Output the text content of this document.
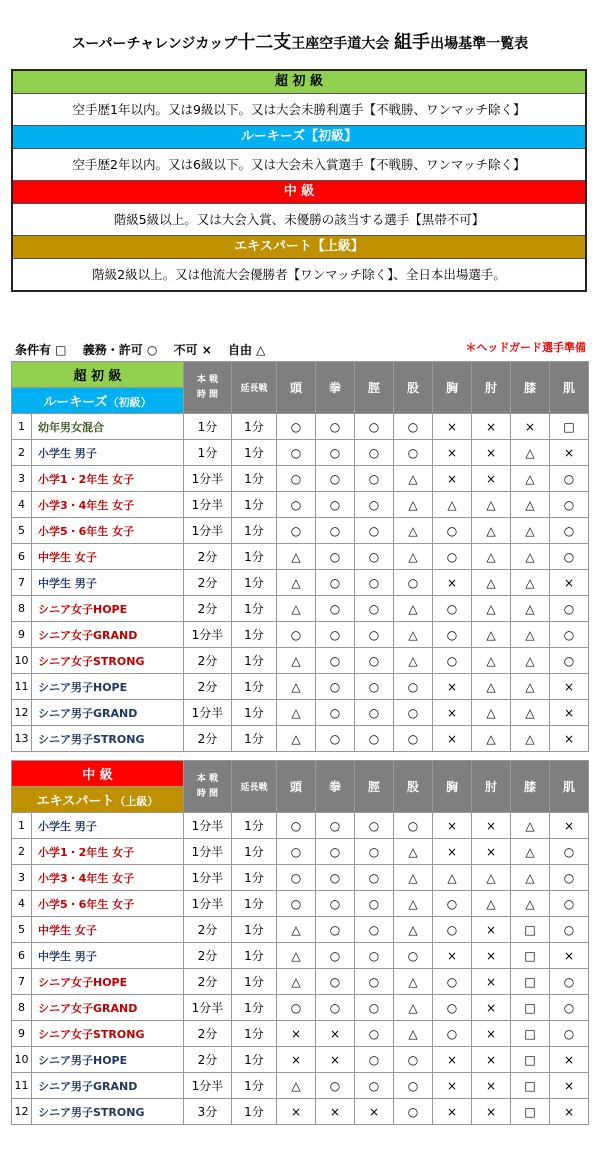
スーパーチャレンジカップ十二支王座空手道大会 組手出場基準一覧表
超 初 級
空手歴1年以内。又は9級以下。又は大会未勝利選手【不戦勝、ワンマッチ除く】
ルーキーズ【初級】
空手歴2年以内。又は6級以下。又は大会未入賞選手【不戦勝、ワンマッチ除く】
中 級
階級5級以上。又は大会入賞、未優勝の該当する選手【黒帯不可】
エキスパート【上級】
階級2級以上。又は他流大会優勝者【ワンマッチ除く】、全日本出場選手。
条件有 □ 義務・許可 ○ 不可 × 自由 △	＊ヘッドガード選手準備
超 初 級		本 戦
時 間	延長戦	頭	拳	脛	股	胸	肘	膝	肌
ルーキーズ（初級）											
1	幼年男女混合	1分	1分	○	○	○	○	×	×	×	□
2	小学生 男子	1分	1分	○	○	○	○	×	×	△	×
3	小学1・2年生 女子	1分半	1分	○	○	○	△	×	×	△	○
4	小学3・4年生 女子	1分半	1分	○	○	○	△	△	△	△	○
5	小学5・6年生 女子	1分半	1分	○	○	○	△	○	△	△	○
6	中学生 女子	2分	1分	△	○	○	△	○	△	△	○
7	中学生 男子	2分	1分	△	○	○	○	×	△	△	×
8	シニア女子HOPE	2分	1分	△	○	○	△	○	△	△	○
9	シニア女子GRAND	1分半	1分	○	○	○	△	○	△	△	○
10	シニア女子STRONG	2分	1分	△	○	○	△	○	△	△	○
11	シニア男子HOPE	2分	1分	△	○	○	○	×	△	△	×
12	シニア男子GRAND	1分半	1分	△	○	○	○	×	△	△	×
13	シニア男子STRONG	2分	1分	△	○	○	○	×	△	△	×
中 級		本 戦
時 間	延長戦	頭	拳	脛	股	胸	肘	膝	肌
エキスパート（上級）											
1	小学生 男子	1分半	1分	○	○	○	○	×	×	△	×
2	小学1・2年生 女子	1分半	1分	○	○	○	△	×	×	△	○
3	小学3・4年生 女子	1分半	1分	○	○	○	△	△	△	△	○
4	小学5・6年生 女子	1分半	1分	○	○	○	△	○	△	△	○
5	中学生 女子	2分	1分	△	○	○	△	○	×	□	○
6	中学生 男子	2分	1分	△	○	○	○	×	×	□	×
7	シニア女子HOPE	2分	1分	△	○	○	△	○	×	□	○
8	シニア女子GRAND	1分半	1分	○	○	○	△	○	×	□	○
9	シニア女子STRONG	2分	1分	×	×	○	△	○	×	□	○
10	シニア男子HOPE	2分	1分	×	×	○	○	×	×	□	×
11	シニア男子GRAND	1分半	1分	△	○	○	○	×	×	□	×
12	シニア男子STRONG	3分	1分	×	×	×	○	×	×	□	×
